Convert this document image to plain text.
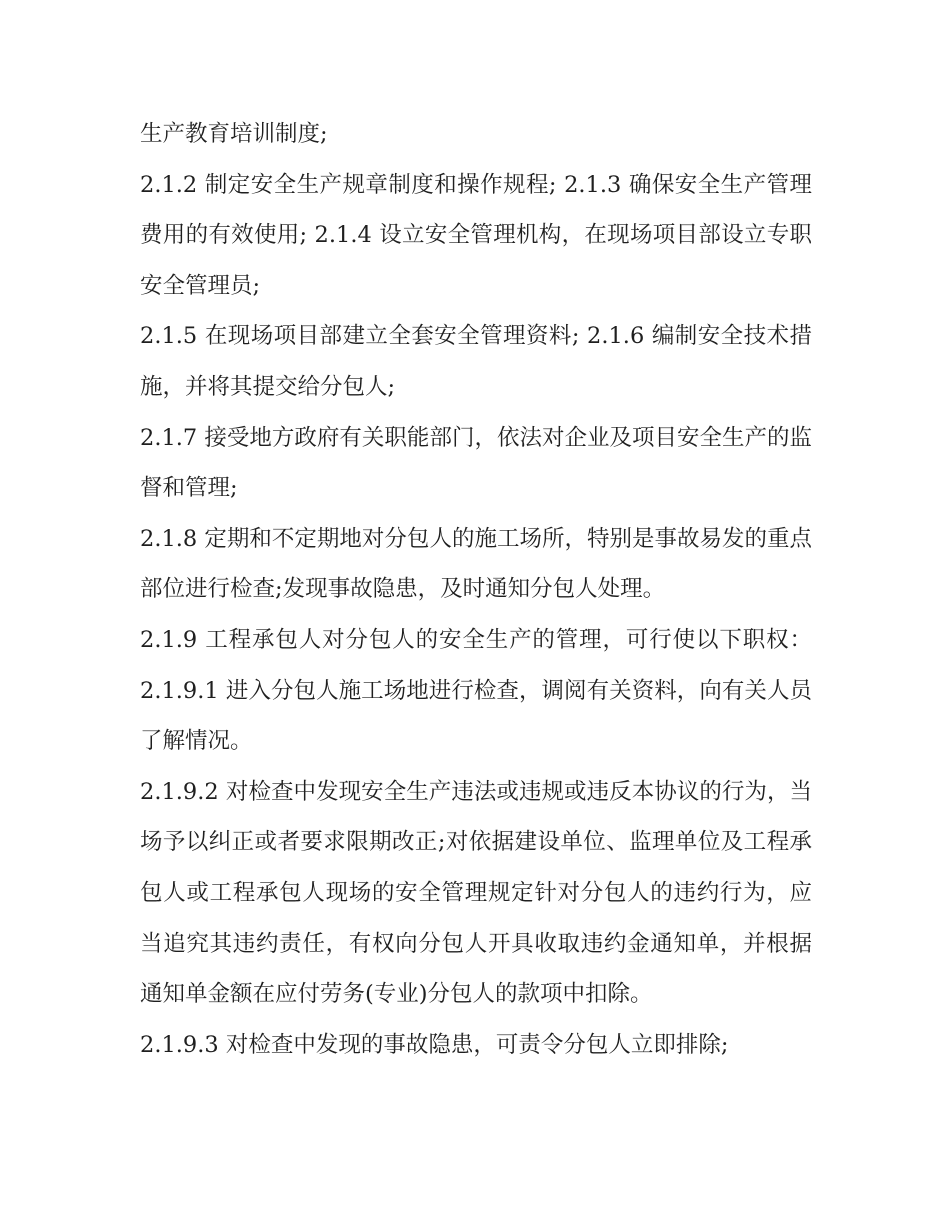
生产教育培训制度;

2.1.2 制定安全生产规章制度和操作规程; 2.1.3 确保安全生产管理费用的有效使用; 2.1.4 设立安全管理机构，在现场项目部设立专职安全管理员;

2.1.5 在现场项目部建立全套安全管理资料; 2.1.6 编制安全技术措施，并将其提交给分包人;

2.1.7 接受地方政府有关职能部门，依法对企业及项目安全生产的监督和管理;

2.1.8 定期和不定期地对分包人的施工场所，特别是事故易发的重点部位进行检查;发现事故隐患，及时通知分包人处理。

2.1.9 工程承包人对分包人的安全生产的管理，可行使以下职权： 2.1.9.1 进入分包人施工场地进行检查，调阅有关资料，向有关人员了解情况。

2.1.9.2 对检查中发现安全生产违法或违规或违反本协议的行为，当场予以纠正或者要求限期改正;对依据建设单位、监理单位及工程承包人或工程承包人现场的安全管理规定针对分包人的违约行为，应当追究其违约责任，有权向分包人开具收取违约金通知单，并根据通知单金额在应付劳务(专业)分包人的款项中扣除。

2.1.9.3 对检查中发现的事故隐患，可责令分包人立即排除;
